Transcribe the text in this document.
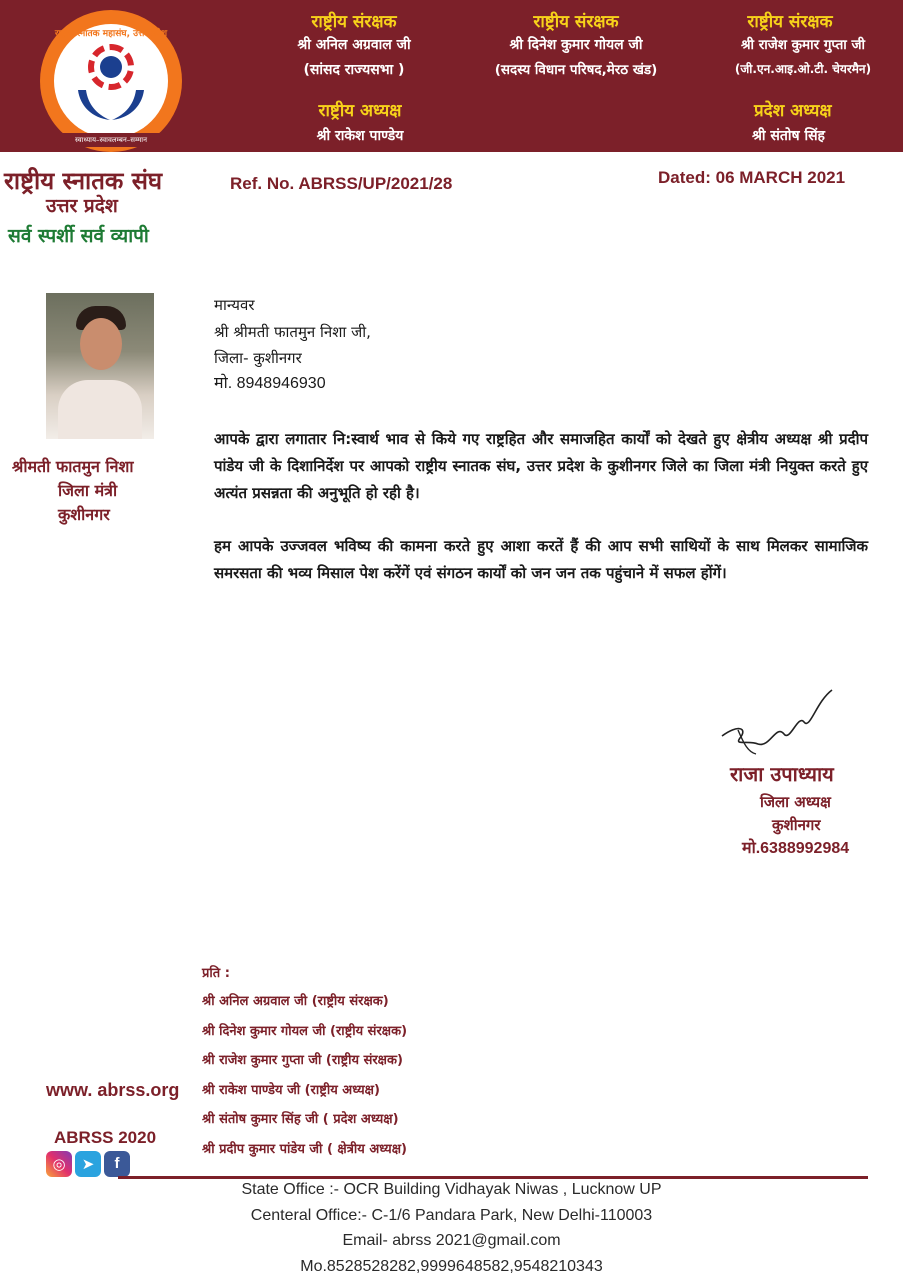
राष्ट्रीय स्नातक महासंघ, उत्तर प्रदेश
स्वाध्याय–स्वावलम्बन–सम्मान
राष्ट्रीय संरक्षक
श्री अनिल अग्रवाल जी
(सांसद राज्यसभा )
राष्ट्रीय संरक्षक
श्री दिनेश कुमार गोयल जी
(सदस्य विधान परिषद,मेरठ खंड)
राष्ट्रीय संरक्षक
श्री राजेश कुमार गुप्ता जी
(जी.एन.आइ.ओ.टी. चेयरमैन)
राष्ट्रीय अध्यक्ष
श्री राकेश पाण्डेय
प्रदेश अध्यक्ष
श्री संतोष सिंह
राष्ट्रीय स्नातक संघ
उत्तर प्रदेश
सर्व स्पर्शी सर्व व्यापी
Ref. No. ABRSS/UP/2021/28	Dated: 06 MARCH 2021
श्रीमती फातमुन निशा
जिला मंत्री
कुशीनगर
मान्यवर
श्री श्रीमती फातमुन निशा जी,
जिला- कुशीनगर
मो. 8948946930
आपके द्वारा लगातार नि:स्वार्थ भाव से किये गए राष्ट्रहित और समाजहित कार्यों को देखते हुए क्षेत्रीय अध्यक्ष श्री प्रदीप पांडेय जी के दिशानिर्देश पर आपको राष्ट्रीय स्नातक संघ, उत्तर प्रदेश के कुशीनगर जिले का जिला मंत्री नियुक्त करते हुए अत्यंत प्रसन्नता की अनुभूति हो रही है।
हम आपके उज्जवल भविष्य की कामना करते हुए आशा करतें हैं की आप सभी साथियों के साथ मिलकर सामाजिक समरसता की भव्य मिसाल पेश करेंगें एवं संगठन कार्यों को जन जन तक पहुंचाने में सफल होंगें।
राजा उपाध्याय
जिला अध्यक्ष
कुशीनगर
मो.6388992984
प्रति :
श्री अनिल अग्रवाल जी (राष्ट्रीय संरक्षक)
श्री दिनेश कुमार गोयल जी (राष्ट्रीय संरक्षक)
श्री राजेश कुमार गुप्ता जी (राष्ट्रीय संरक्षक)
श्री राकेश पाण्डेय जी (राष्ट्रीय अध्यक्ष)
श्री संतोष कुमार सिंह जी ( प्रदेश अध्यक्ष)
श्री प्रदीप कुमार पांडेय जी ( क्षेत्रीय अध्यक्ष)
www. abrss.org
ABRSS 2020
◎	➤	f
State Office :- OCR Building Vidhayak Niwas , Lucknow UP
Centeral Office:- C-1/6 Pandara Park, New Delhi-110003
Email- abrss 2021@gmail.com
Mo.8528528282,9999648582,9548210343
